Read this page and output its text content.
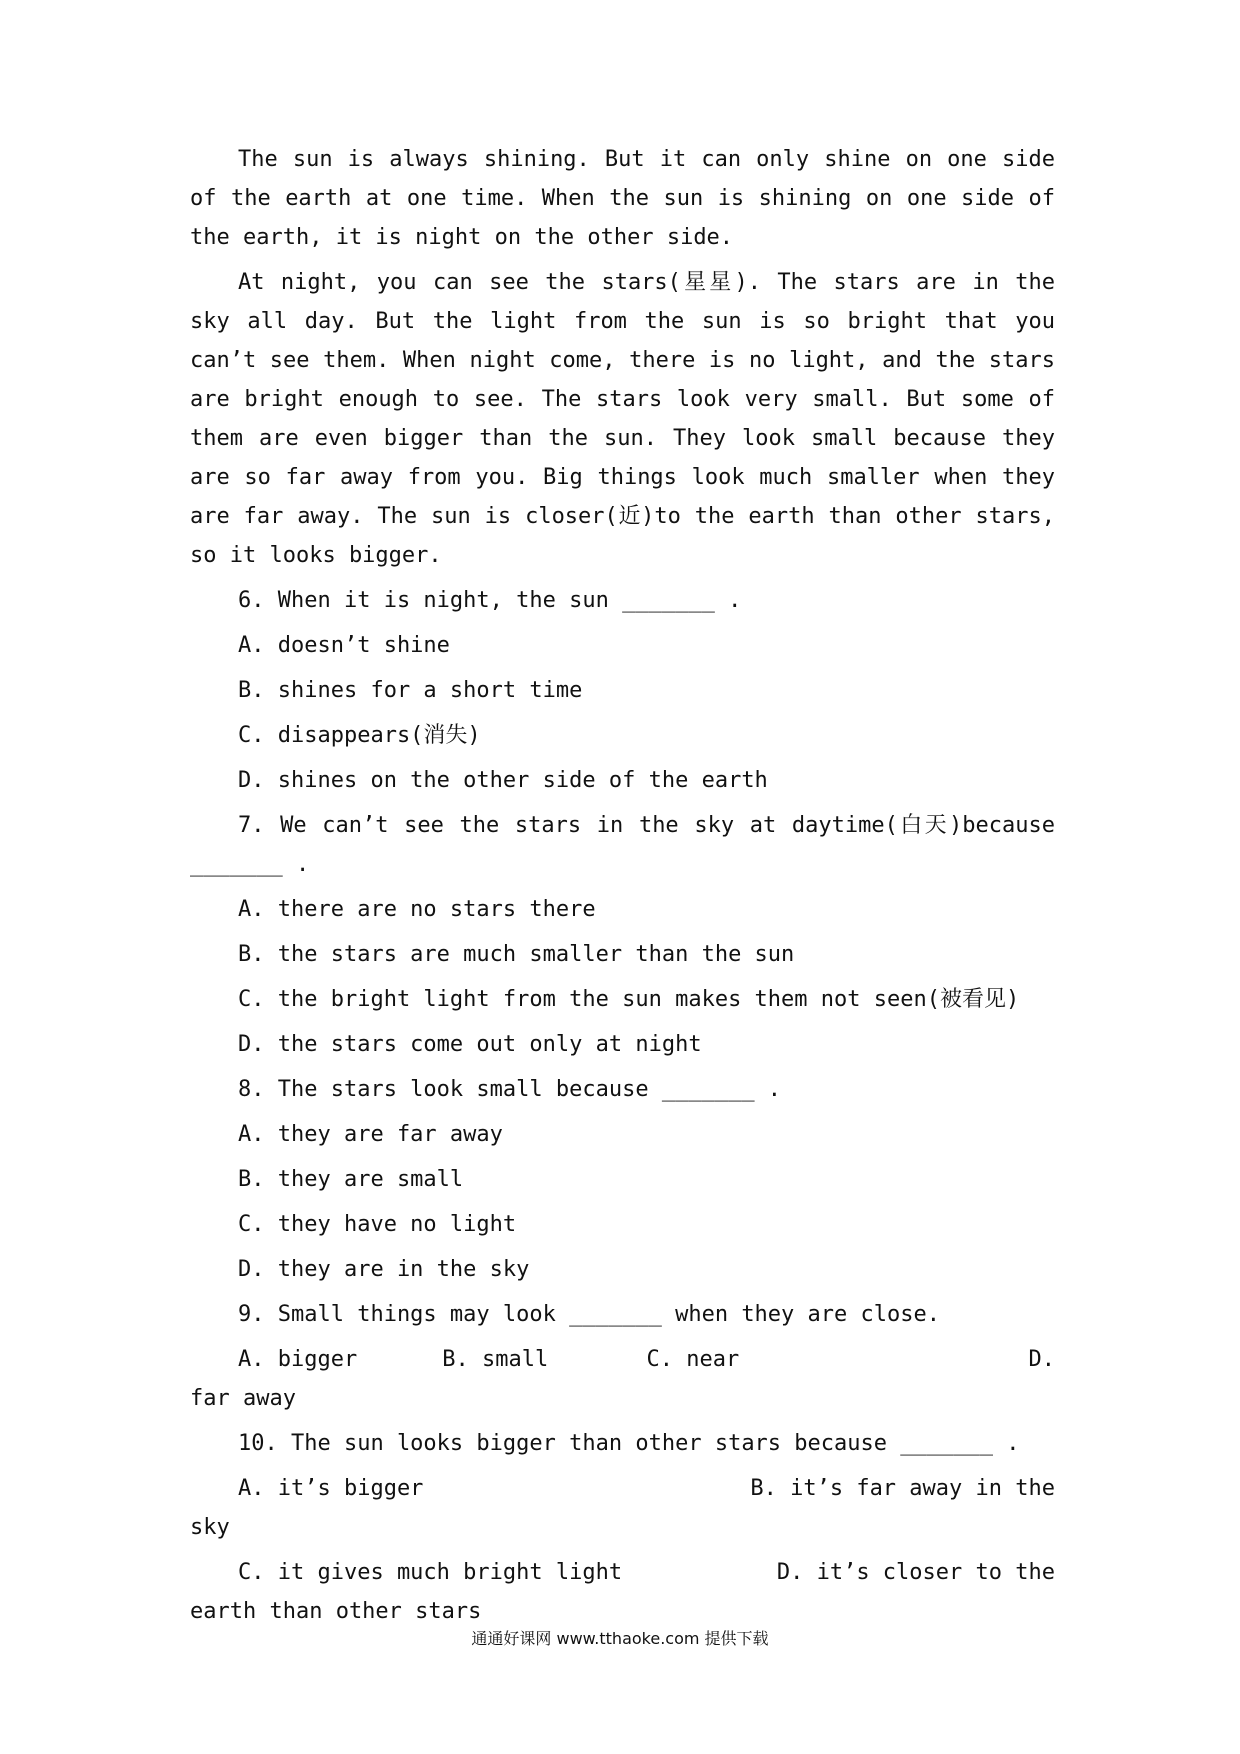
The sun is always shining. But it can only shine on one side of the earth at one time. When the sun is shining on one side of the earth, it is night on the other side.

At night, you can see the stars(星星). The stars are in the sky all day. But the light from the sun is so bright that you can’t see them. When night come, there is no light, and the stars are bright enough to see. The stars look very small. But some of them are even bigger than the sun. They look small because they are so far away from you. Big things look much smaller when they are far away. The sun is closer(近)to the earth than other stars, so it looks bigger.

6. When it is night, the sun _______ .

A. doesn’t shine

B. shines for a short time

C. disappears(消失)

D. shines on the other side of the earth

7. We can’t see the stars in the sky at daytime(白天)because _______ .

A. there are no stars there

B. the stars are much smaller than the sun

C. the bright light from the sun makes them not seen(被看见)

D. the stars come out only at night

8. The stars look small because _______ .

A. they are far away

B. they are small

C. they have no light

D. they are in the sky

9. Small things may look _______ when they are close.

A. bigger	B. small	C. near	D.

far away

10. The sun looks bigger than other stars because _______ .

A. it’s bigger	B. it’s far away in the

sky

C. it gives much bright light	D. it’s closer to the

earth than other stars

通通好课网 www.tthaoke.com 提供下载
